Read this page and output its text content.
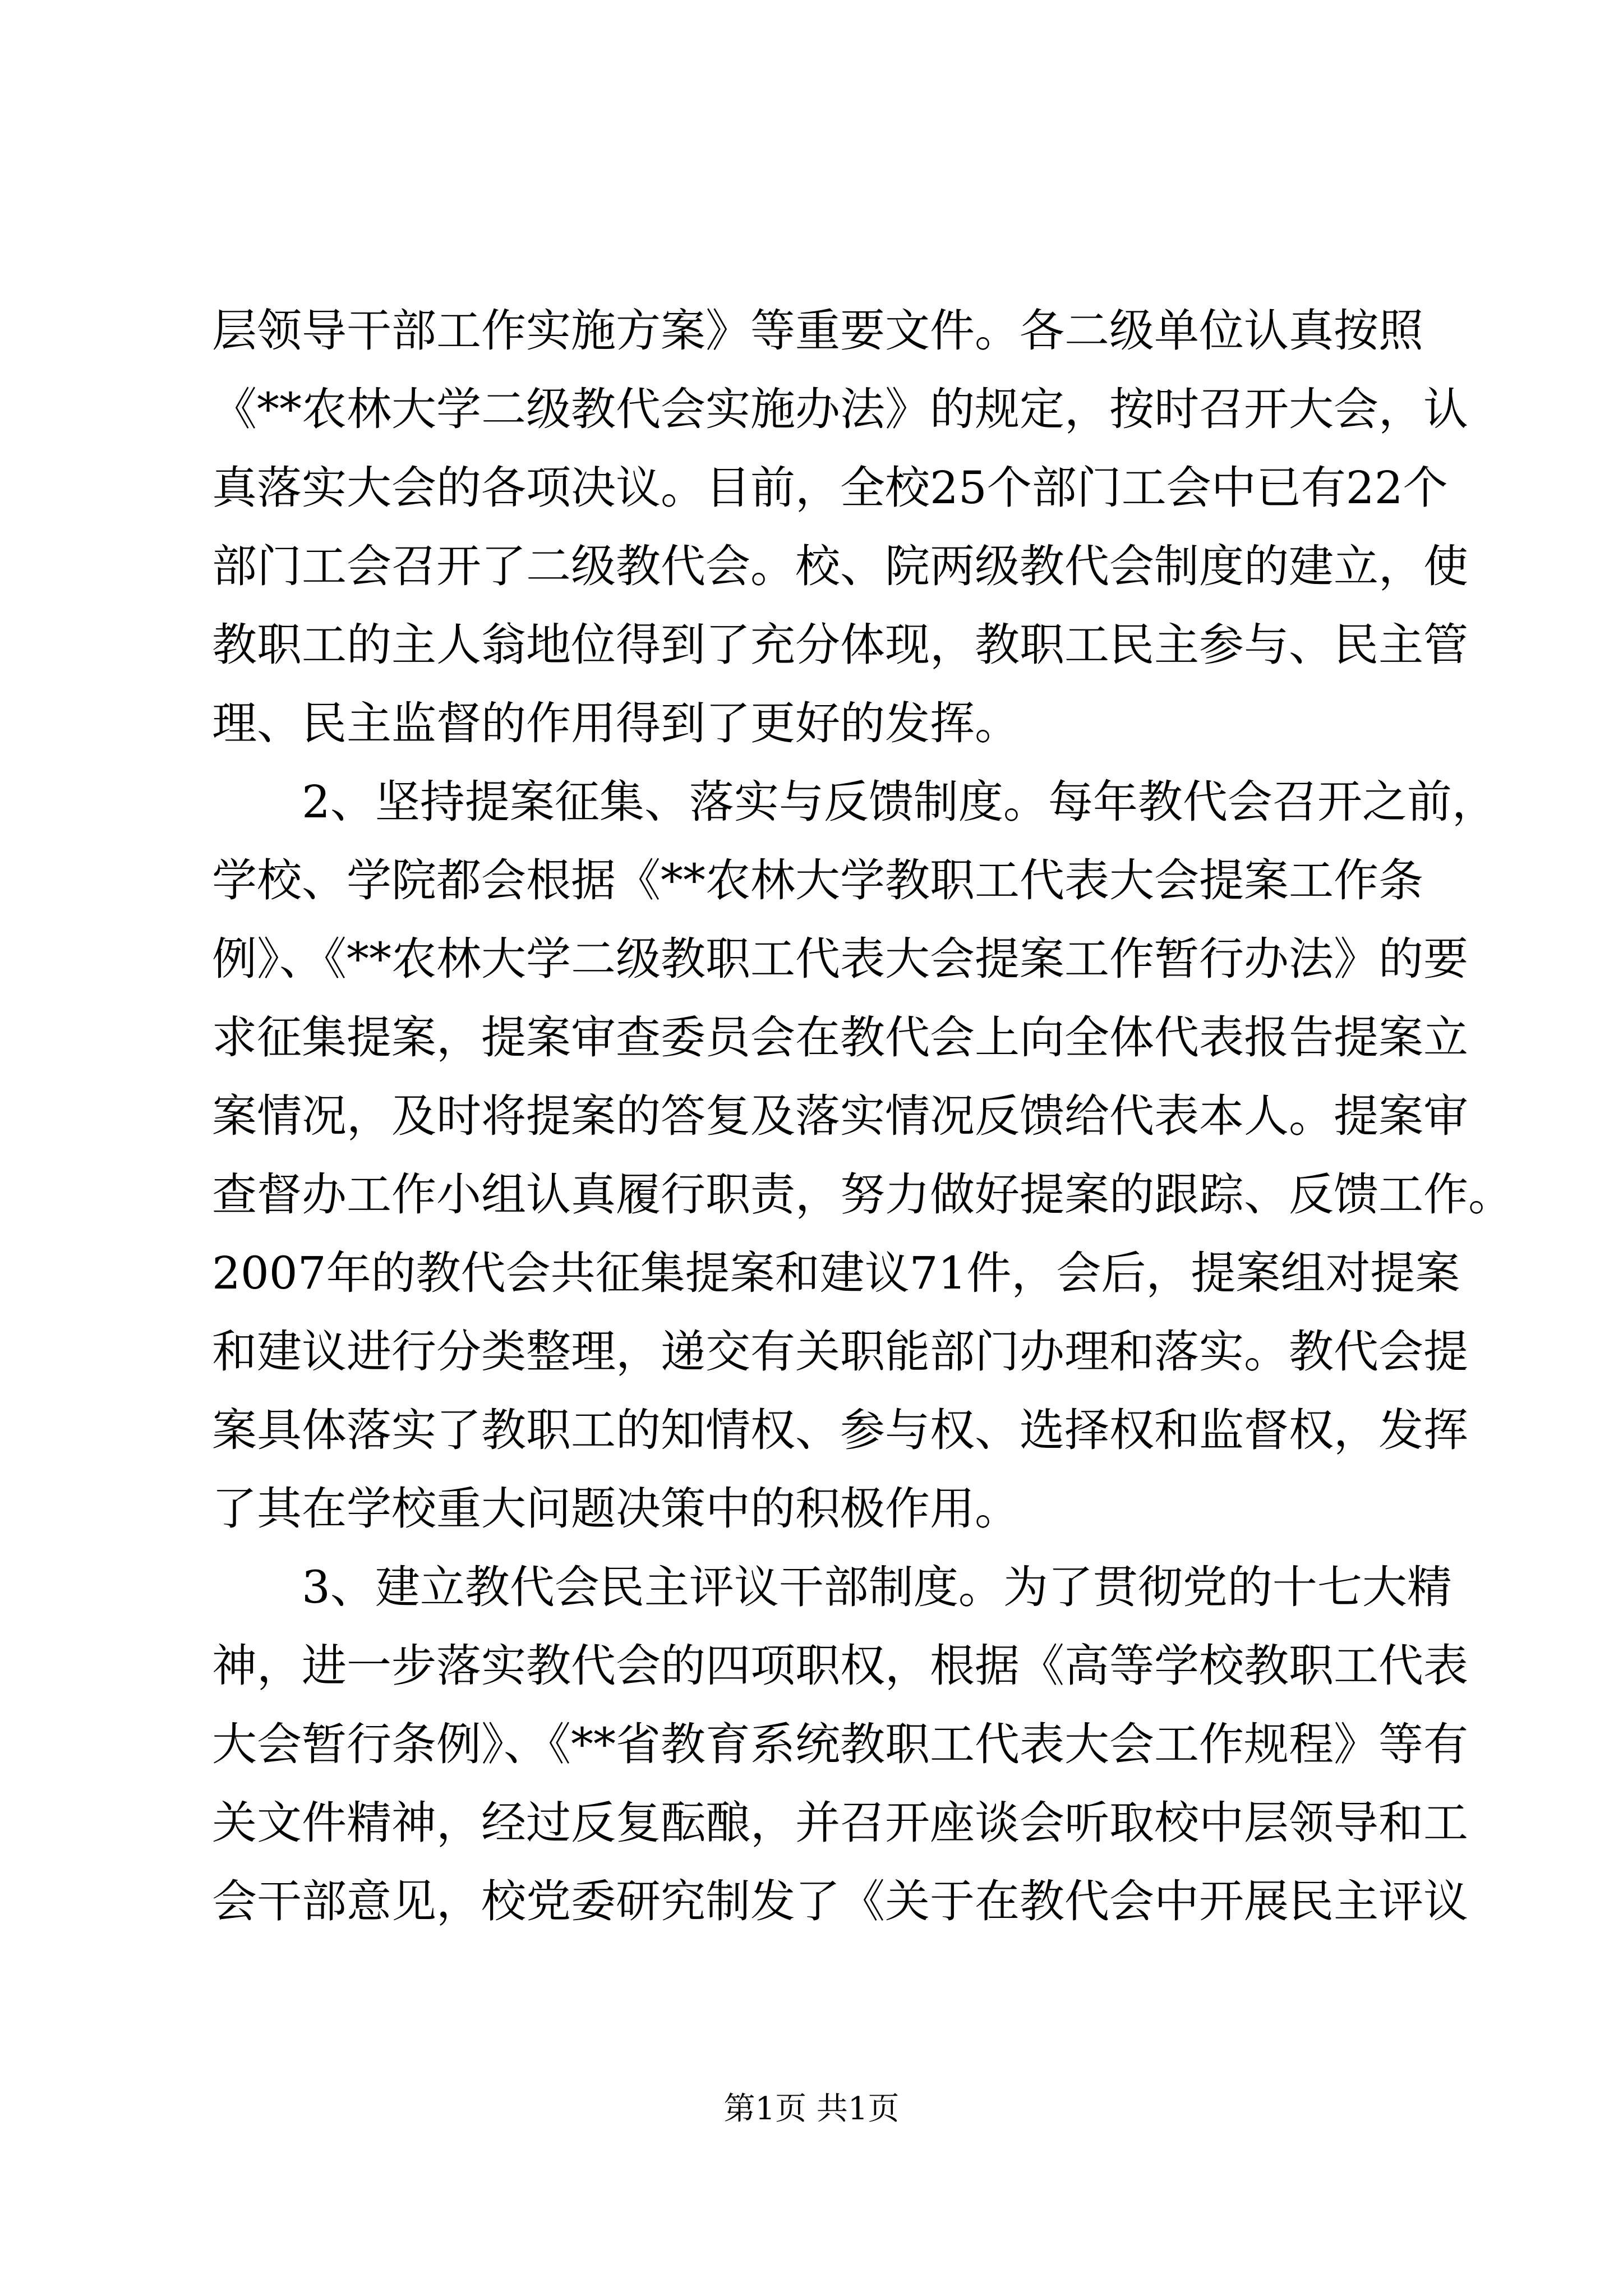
层领导干部工作实施方案》等重要文件。各二级单位认真按照
《**农林大学二级教代会实施办法》的规定，按时召开大会，认
真落实大会的各项决议。目前，全校25个部门工会中已有22个
部门工会召开了二级教代会。校、院两级教代会制度的建立，使
教职工的主人翁地位得到了充分体现，教职工民主参与、民主管
理、民主监督的作用得到了更好的发挥。
　　2、坚持提案征集、落实与反馈制度。每年教代会召开之前，
学校、学院都会根据《**农林大学教职工代表大会提案工作条
例》、《**农林大学二级教职工代表大会提案工作暂行办法》的要
求征集提案，提案审查委员会在教代会上向全体代表报告提案立
案情况，及时将提案的答复及落实情况反馈给代表本人。提案审
查督办工作小组认真履行职责，努力做好提案的跟踪、反馈工作。
2007年的教代会共征集提案和建议71件，会后，提案组对提案
和建议进行分类整理，递交有关职能部门办理和落实。教代会提
案具体落实了教职工的知情权、参与权、选择权和监督权，发挥
了其在学校重大问题决策中的积极作用。
　　3、建立教代会民主评议干部制度。为了贯彻党的十七大精
神，进一步落实教代会的四项职权，根据《高等学校教职工代表
大会暂行条例》、《**省教育系统教职工代表大会工作规程》等有
关文件精神，经过反复酝酿，并召开座谈会听取校中层领导和工
会干部意见，校党委研究制发了《关于在教代会中开展民主评议
第1页 共1页
